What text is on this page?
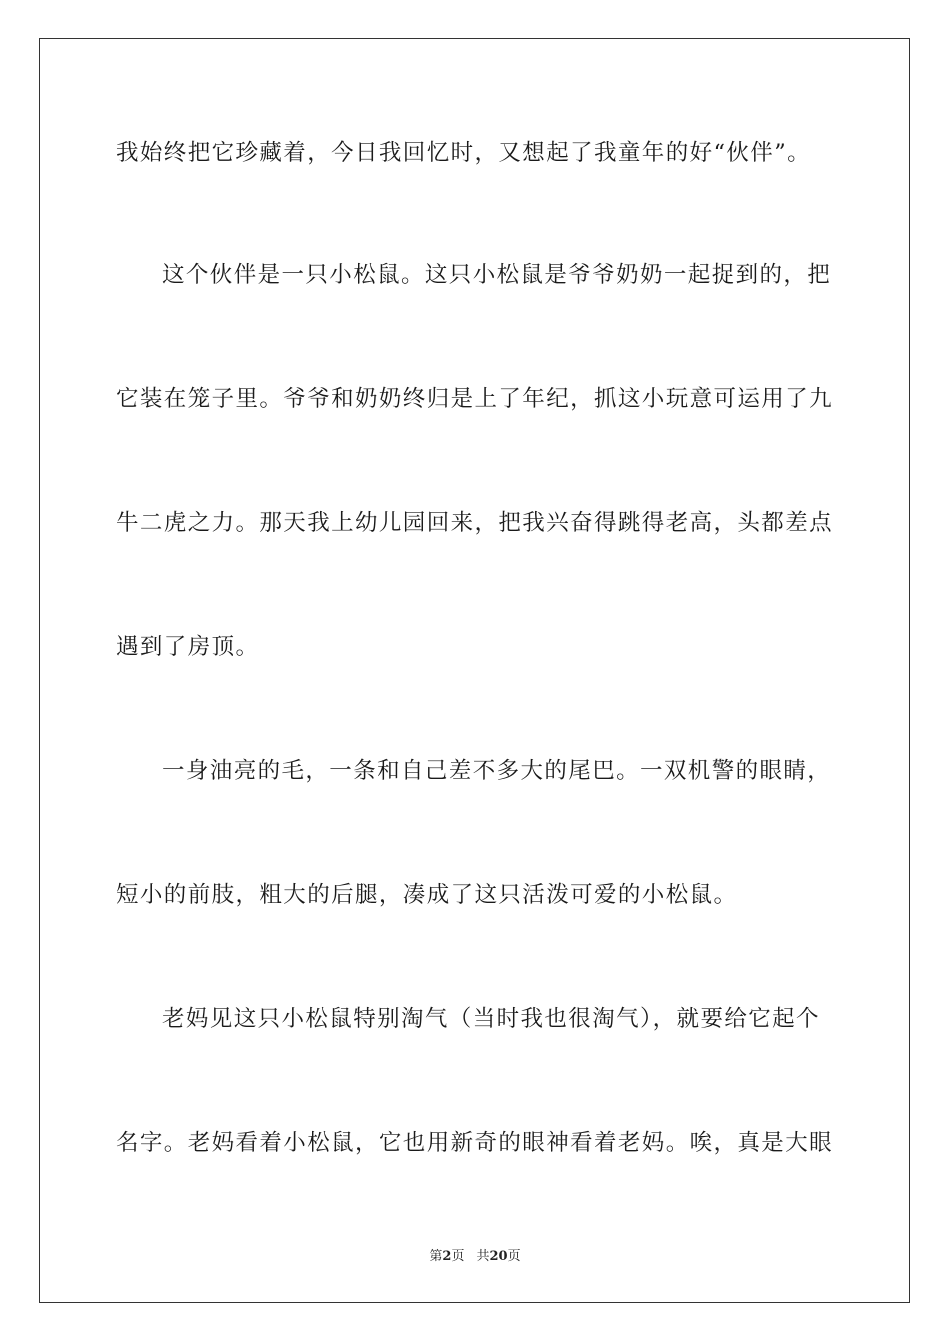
我始终把它珍藏着，今日我回忆时，又想起了我童年的好“伙伴”。
这个伙伴是一只小松鼠。这只小松鼠是爷爷奶奶一起捉到的，把
它装在笼子里。爷爷和奶奶终归是上了年纪，抓这小玩意可运用了九
牛二虎之力。那天我上幼儿园回来，把我兴奋得跳得老高，头都差点
遇到了房顶。
一身油亮的毛，一条和自己差不多大的尾巴。一双机警的眼睛，
短小的前肢，粗大的后腿，凑成了这只活泼可爱的小松鼠。
老妈见这只小松鼠特别淘气（当时我也很淘气），就要给它起个
名字。老妈看着小松鼠，它也用新奇的眼神看着老妈。唉，真是大眼
第2页 共20页
